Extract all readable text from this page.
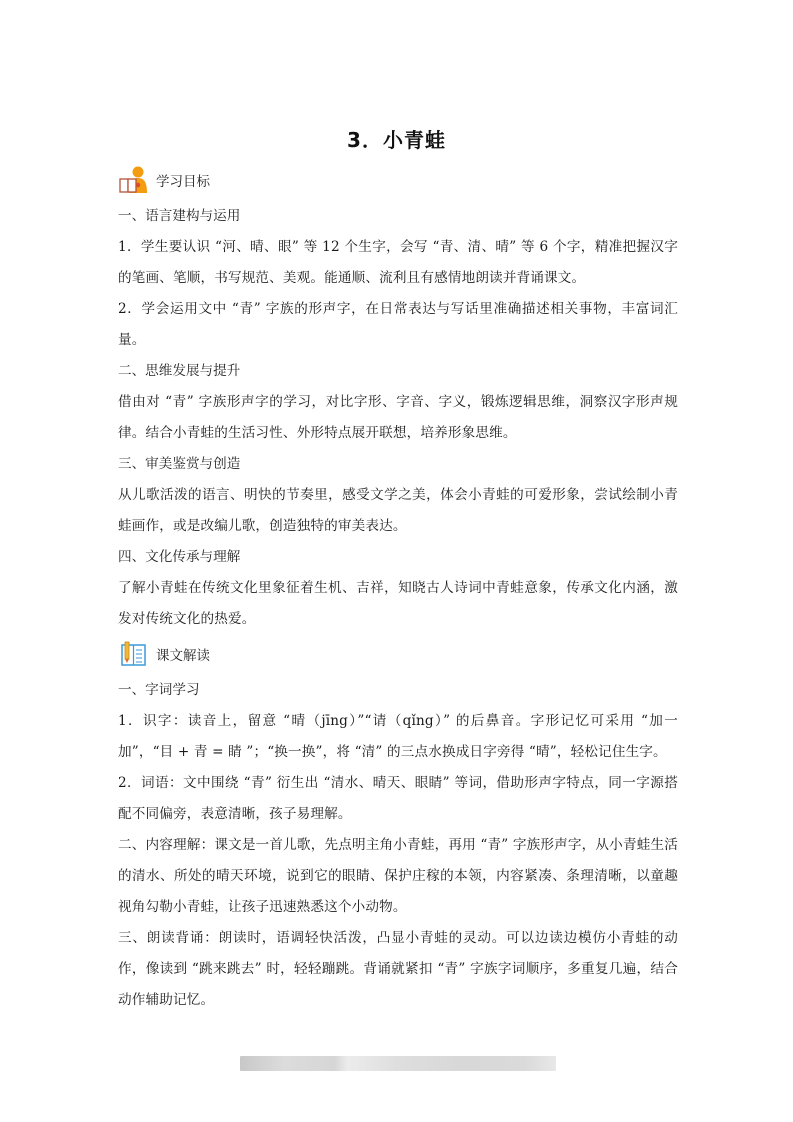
3．小青蛙
学习目标

一、语言建构与运用

1．学生要认识 “河、晴、眼” 等 12 个生字，会写 “青、清、晴” 等 6 个字，精准把握汉字的笔画、笔顺，书写规范、美观。能通顺、流利且有感情地朗读并背诵课文。

2．学会运用文中 “青” 字族的形声字，在日常表达与写话里准确描述相关事物，丰富词汇量。

二、思维发展与提升

借由对 “青” 字族形声字的学习，对比字形、字音、字义，锻炼逻辑思维，洞察汉字形声规律。结合小青蛙的生活习性、外形特点展开联想，培养形象思维。

三、审美鉴赏与创造

从儿歌活泼的语言、明快的节奏里，感受文学之美，体会小青蛙的可爱形象，尝试绘制小青蛙画作，或是改编儿歌，创造独特的审美表达。

四、文化传承与理解

了解小青蛙在传统文化里象征着生机、吉祥，知晓古人诗词中青蛙意象，传承文化内涵，激发对传统文化的热爱。

课文解读

一、字词学习

1．识字：读音上，留意 “晴（jīng）”“请（qǐng）” 的后鼻音。字形记忆可采用 “加一加”，“目 + 青 = 睛 ”；“换一换”，将 “清” 的三点水换成日字旁得 “晴”，轻松记住生字。

2．词语：文中围绕 “青” 衍生出 “清水、晴天、眼睛” 等词，借助形声字特点，同一字源搭配不同偏旁，表意清晰，孩子易理解。

二、内容理解：课文是一首儿歌，先点明主角小青蛙，再用 “青” 字族形声字，从小青蛙生活的清水、所处的晴天环境，说到它的眼睛、保护庄稼的本领，内容紧凑、条理清晰，以童趣视角勾勒小青蛙，让孩子迅速熟悉这个小动物。

三、朗读背诵：朗读时，语调轻快活泼，凸显小青蛙的灵动。可以边读边模仿小青蛙的动作，像读到 “跳来跳去” 时，轻轻蹦跳。背诵就紧扣 “青” 字族字词顺序，多重复几遍，结合动作辅助记忆。
